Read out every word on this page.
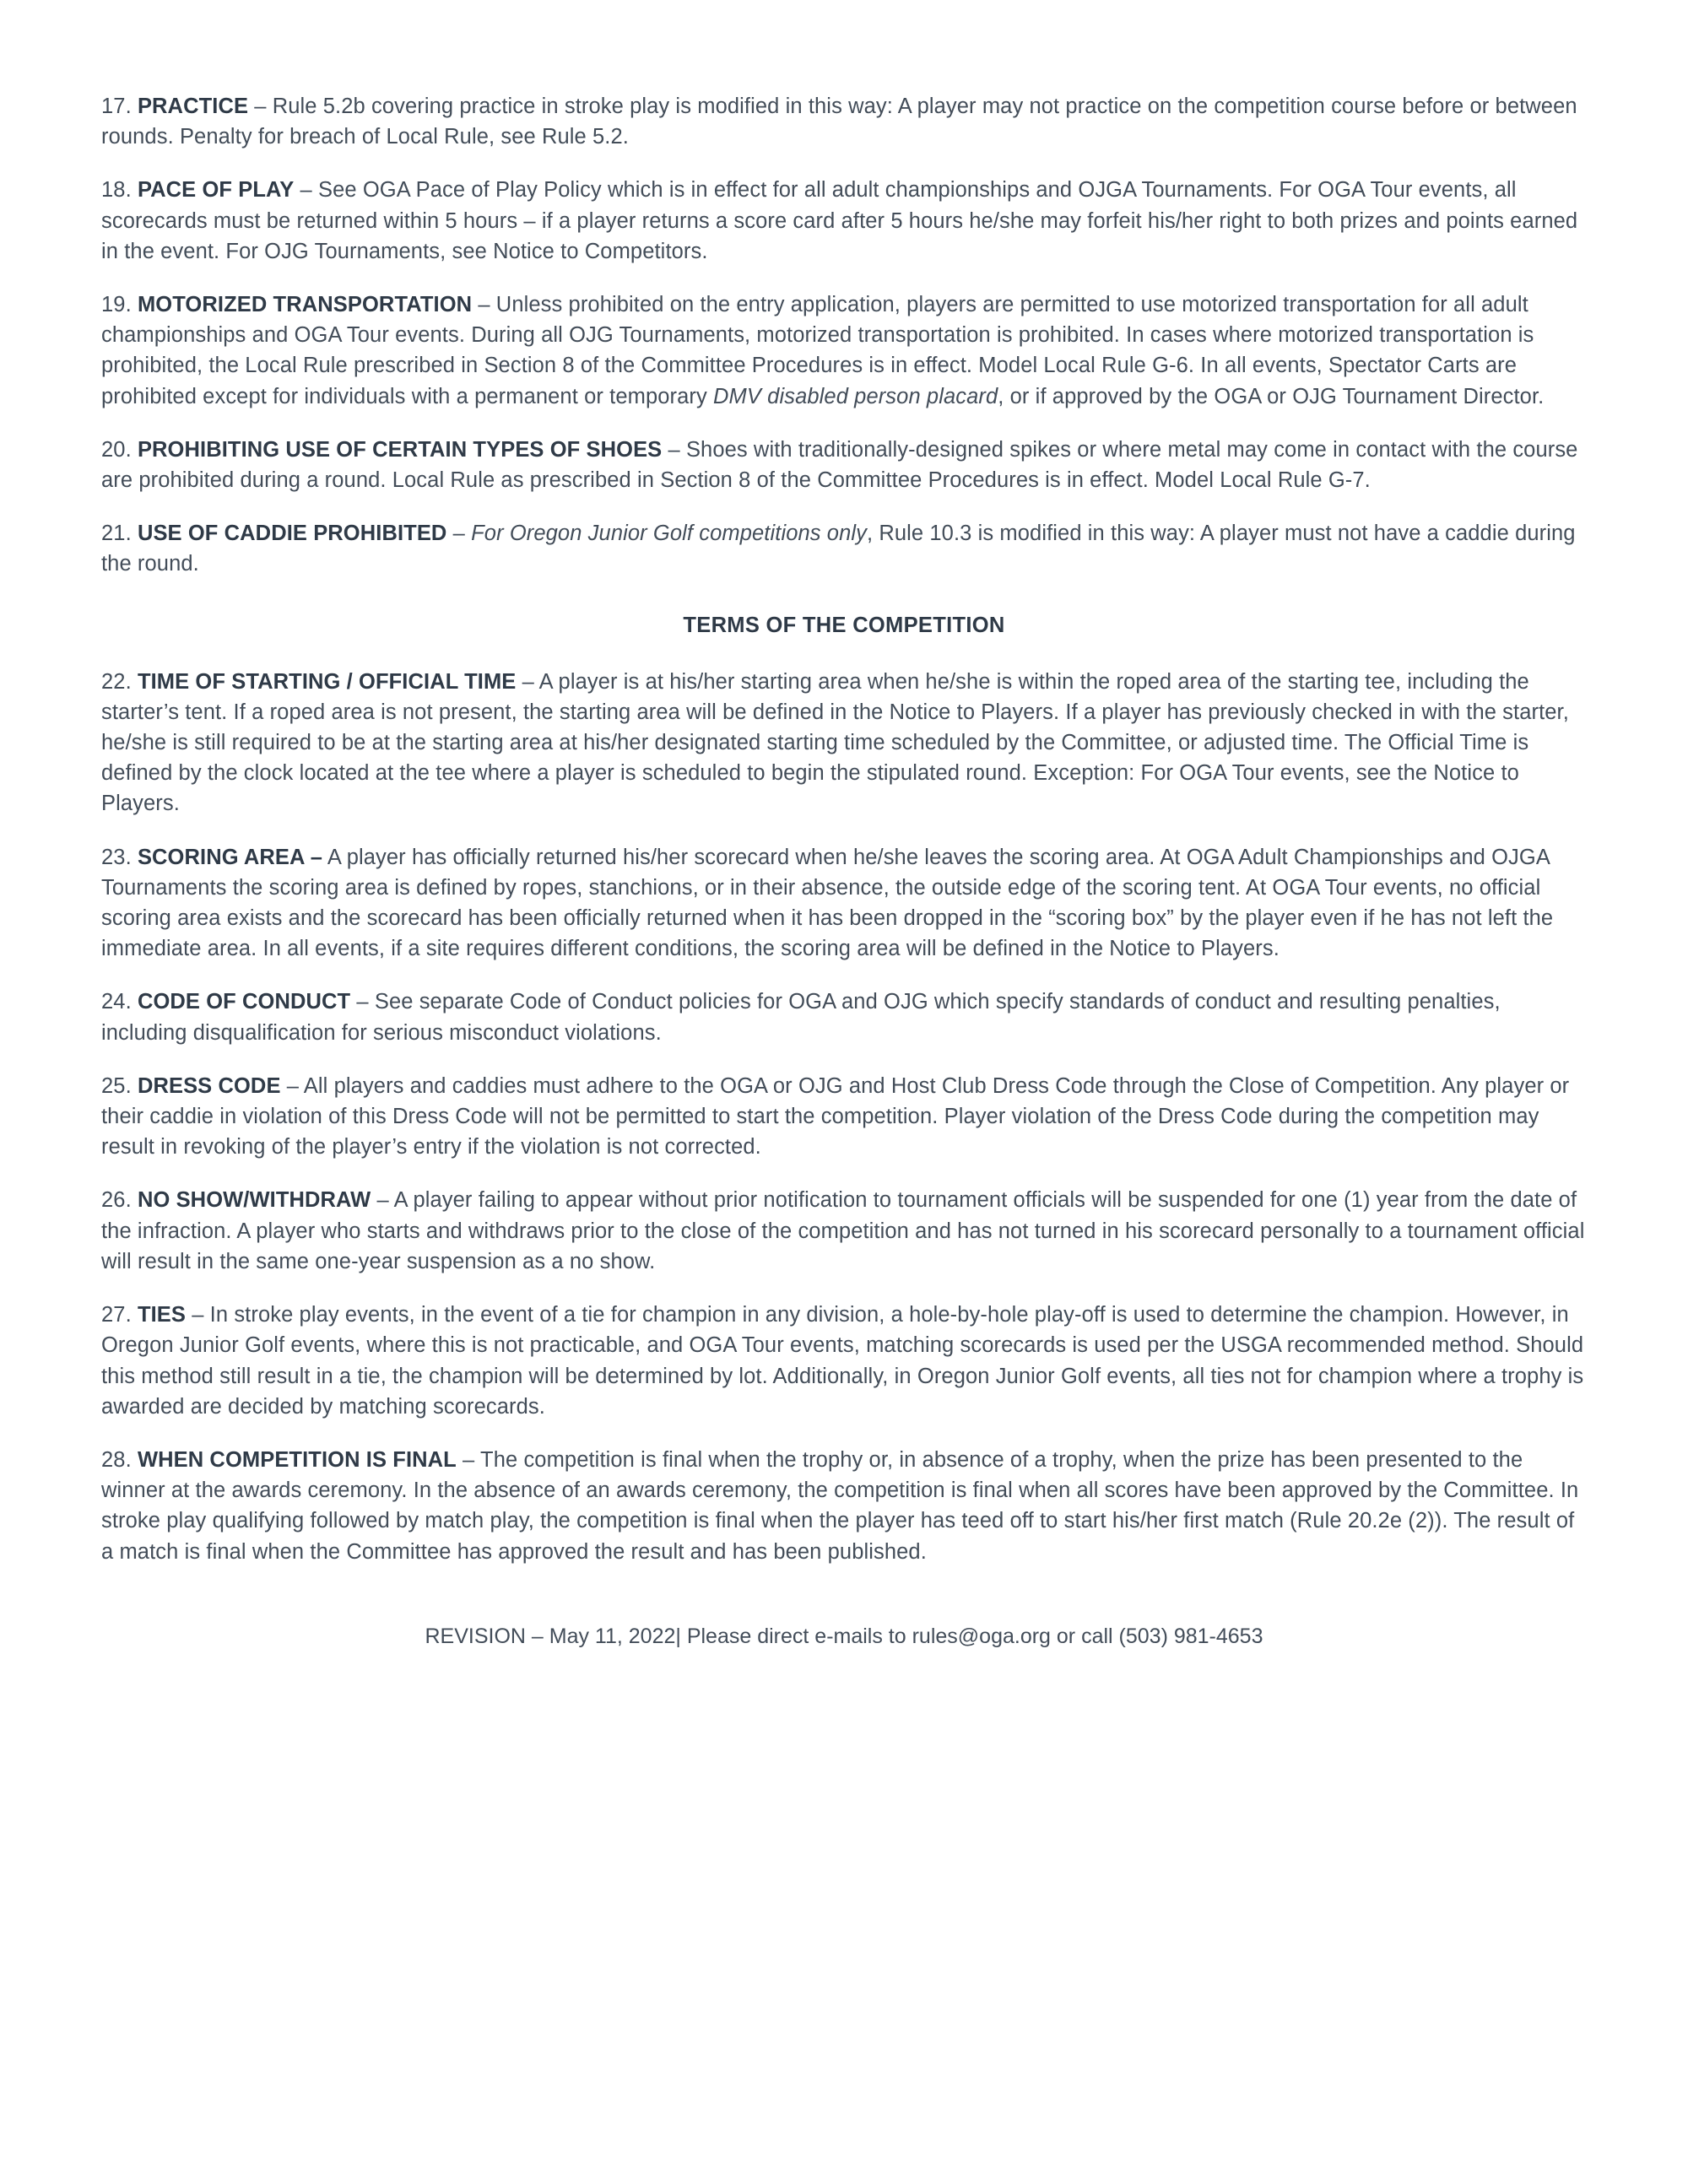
17. PRACTICE – Rule 5.2b covering practice in stroke play is modified in this way: A player may not practice on the competition course before or between rounds. Penalty for breach of Local Rule, see Rule 5.2.

18. PACE OF PLAY – See OGA Pace of Play Policy which is in effect for all adult championships and OJGA Tournaments. For OGA Tour events, all scorecards must be returned within 5 hours – if a player returns a score card after 5 hours he/she may forfeit his/her right to both prizes and points earned in the event. For OJG Tournaments, see Notice to Competitors.

19. MOTORIZED TRANSPORTATION – Unless prohibited on the entry application, players are permitted to use motorized transportation for all adult championships and OGA Tour events. During all OJG Tournaments, motorized transportation is prohibited. In cases where motorized transportation is prohibited, the Local Rule prescribed in Section 8 of the Committee Procedures is in effect. Model Local Rule G-6. In all events, Spectator Carts are prohibited except for individuals with a permanent or temporary DMV disabled person placard, or if approved by the OGA or OJG Tournament Director.

20. PROHIBITING USE OF CERTAIN TYPES OF SHOES – Shoes with traditionally-designed spikes or where metal may come in contact with the course are prohibited during a round. Local Rule as prescribed in Section 8 of the Committee Procedures is in effect. Model Local Rule G-7.

21. USE OF CADDIE PROHIBITED – For Oregon Junior Golf competitions only, Rule 10.3 is modified in this way: A player must not have a caddie during the round.

TERMS OF THE COMPETITION

22. TIME OF STARTING / OFFICIAL TIME – A player is at his/her starting area when he/she is within the roped area of the starting tee, including the starter’s tent. If a roped area is not present, the starting area will be defined in the Notice to Players. If a player has previously checked in with the starter, he/she is still required to be at the starting area at his/her designated starting time scheduled by the Committee, or adjusted time. The Official Time is defined by the clock located at the tee where a player is scheduled to begin the stipulated round. Exception: For OGA Tour events, see the Notice to Players.

23. SCORING AREA – A player has officially returned his/her scorecard when he/she leaves the scoring area. At OGA Adult Championships and OJGA Tournaments the scoring area is defined by ropes, stanchions, or in their absence, the outside edge of the scoring tent. At OGA Tour events, no official scoring area exists and the scorecard has been officially returned when it has been dropped in the “scoring box” by the player even if he has not left the immediate area. In all events, if a site requires different conditions, the scoring area will be defined in the Notice to Players.

24. CODE OF CONDUCT – See separate Code of Conduct policies for OGA and OJG which specify standards of conduct and resulting penalties, including disqualification for serious misconduct violations.

25. DRESS CODE – All players and caddies must adhere to the OGA or OJG and Host Club Dress Code through the Close of Competition. Any player or their caddie in violation of this Dress Code will not be permitted to start the competition. Player violation of the Dress Code during the competition may result in revoking of the player’s entry if the violation is not corrected.

26. NO SHOW/WITHDRAW – A player failing to appear without prior notification to tournament officials will be suspended for one (1) year from the date of the infraction. A player who starts and withdraws prior to the close of the competition and has not turned in his scorecard personally to a tournament official will result in the same one-year suspension as a no show.

27. TIES – In stroke play events, in the event of a tie for champion in any division, a hole-by-hole play-off is used to determine the champion. However, in Oregon Junior Golf events, where this is not practicable, and OGA Tour events, matching scorecards is used per the USGA recommended method. Should this method still result in a tie, the champion will be determined by lot. Additionally, in Oregon Junior Golf events, all ties not for champion where a trophy is awarded are decided by matching scorecards.

28. WHEN COMPETITION IS FINAL – The competition is final when the trophy or, in absence of a trophy, when the prize has been presented to the winner at the awards ceremony. In the absence of an awards ceremony, the competition is final when all scores have been approved by the Committee. In stroke play qualifying followed by match play, the competition is final when the player has teed off to start his/her first match (Rule 20.2e (2)). The result of a match is final when the Committee has approved the result and has been published.

REVISION – May 11, 2022| Please direct e-mails to rules@oga.org or call (503) 981-4653
